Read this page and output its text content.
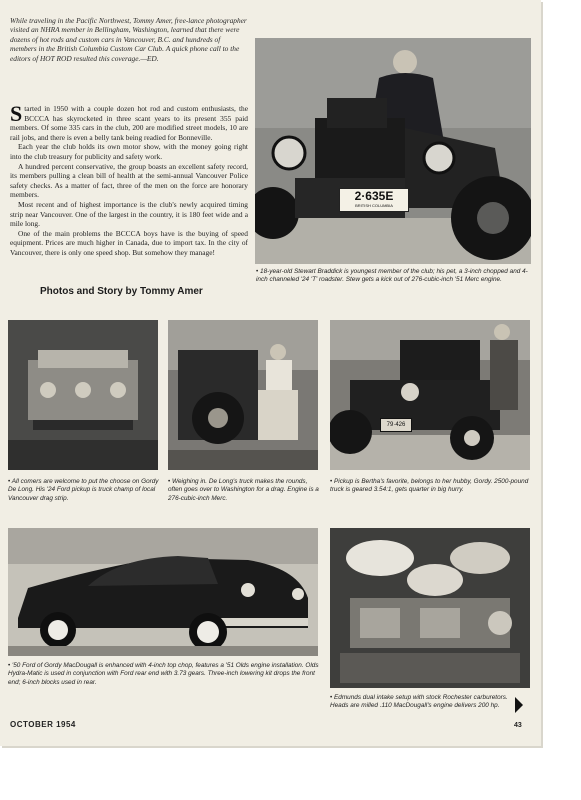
While traveling in the Pacific Northwest, Tommy Amer, free-lance photographer visited an NHRA member in Bellingham, Washington, learned that there were dozens of hot rods and custom cars in Vancouver, B.C. and hundreds of members in the British Columbia Custom Car Club. A quick phone call to the editors of HOT ROD resulted this coverage.—ED.

Started in 1950 with a couple dozen hot rod and custom enthusiasts, the BCCCA has skyrocketed in three scant years to its present 355 paid members. Of some 335 cars in the club, 200 are modified street models, 10 are rail jobs, and there is even a belly tank being readied for Bonneville.

Each year the club holds its own motor show, with the money going right into the club treasury for publicity and safety work.

A hundred percent conservative, the group boasts an excellent safety record, its members pulling a clean bill of health at the semi-annual Vancouver Police safety checks. As a matter of fact, three of the men on the force are honorary members.

Most recent and of highest importance is the club's newly acquired timing strip near Vancouver. One of the largest in the country, it is 180 feet wide and a mile long.

One of the main problems the BCCCA boys have is the buying of speed equipment. Prices are much higher in Canada, due to import tax. In the city of Vancouver, there is only one speed shop. But somehow they manage!

Photos and Story by Tommy Amer
2·635E
BRITISH COLUMBIA
• 18-year-old Stewart Braddick is youngest member of the club; his pet, a 3-inch chopped and 4-inch channeled '24 'T' roadster. Stew gets a kick out of 276-cubic-inch '51 Merc engine.
• All comers are welcome to put the choose on Gordy De Long. His '24 Ford pickup is truck champ of local Vancouver drag strip.
• Weighing in. De Long's truck makes the rounds, often goes over to Washington for a drag. Engine is a 276-cubic-inch Merc.
79·426
• Pickup is Bertha's favorite, belongs to her hubby, Gordy. 2500-pound truck is geared 3.54:1, gets quarter in big hurry.
• '50 Ford of Gordy MacDougall is enhanced with 4-inch top chop, features a '51 Olds engine installation. Olds Hydra-Matic is used in conjunction with Ford rear end with 3.73 gears. Three-inch lowering kit drops the front end; 6-inch blocks used in rear.
• Edmunds dual intake setup with stock Rochester carburetors. Heads are milled .110 MacDougall's engine delivers 200 hp.
OCTOBER 1954	43
